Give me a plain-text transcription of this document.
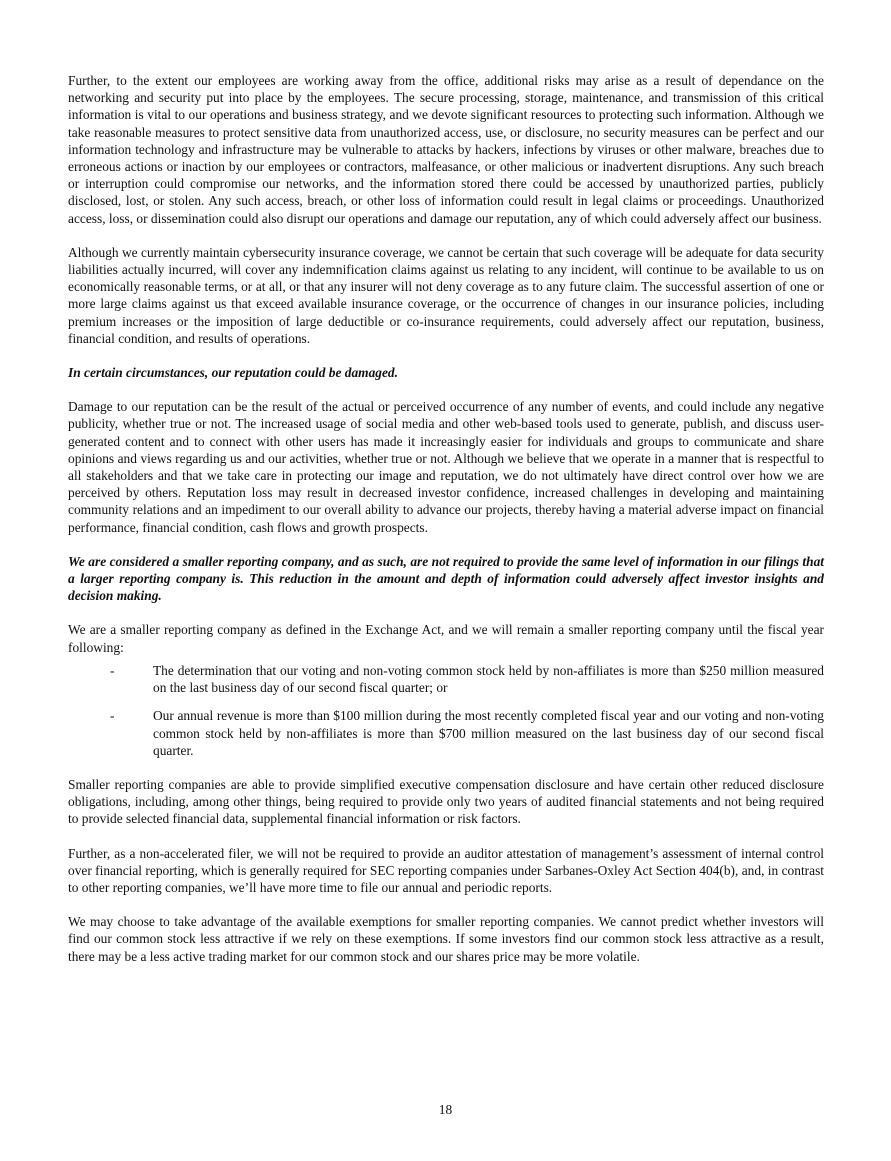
Further, to the extent our employees are working away from the office, additional risks may arise as a result of dependance on the networking and security put into place by the employees. The secure processing, storage, maintenance, and transmission of this critical information is vital to our operations and business strategy, and we devote significant resources to protecting such information. Although we take reasonable measures to protect sensitive data from unauthorized access, use, or disclosure, no security measures can be perfect and our information technology and infrastructure may be vulnerable to attacks by hackers, infections by viruses or other malware, breaches due to erroneous actions or inaction by our employees or contractors, malfeasance, or other malicious or inadvertent disruptions. Any such breach or interruption could compromise our networks, and the information stored there could be accessed by unauthorized parties, publicly disclosed, lost, or stolen. Any such access, breach, or other loss of information could result in legal claims or proceedings. Unauthorized access, loss, or dissemination could also disrupt our operations and damage our reputation, any of which could adversely affect our business.

Although we currently maintain cybersecurity insurance coverage, we cannot be certain that such coverage will be adequate for data security liabilities actually incurred, will cover any indemnification claims against us relating to any incident, will continue to be available to us on economically reasonable terms, or at all, or that any insurer will not deny coverage as to any future claim. The successful assertion of one or more large claims against us that exceed available insurance coverage, or the occurrence of changes in our insurance policies, including premium increases or the imposition of large deductible or co-insurance requirements, could adversely affect our reputation, business, financial condition, and results of operations.

In certain circumstances, our reputation could be damaged.

Damage to our reputation can be the result of the actual or perceived occurrence of any number of events, and could include any negative publicity, whether true or not. The increased usage of social media and other web-based tools used to generate, publish, and discuss user-generated content and to connect with other users has made it increasingly easier for individuals and groups to communicate and share opinions and views regarding us and our activities, whether true or not. Although we believe that we operate in a manner that is respectful to all stakeholders and that we take care in protecting our image and reputation, we do not ultimately have direct control over how we are perceived by others. Reputation loss may result in decreased investor confidence, increased challenges in developing and maintaining community relations and an impediment to our overall ability to advance our projects, thereby having a material adverse impact on financial performance, financial condition, cash flows and growth prospects.

We are considered a smaller reporting company, and as such, are not required to provide the same level of information in our filings that a larger reporting company is. This reduction in the amount and depth of information could adversely affect investor insights and decision making.

We are a smaller reporting company as defined in the Exchange Act, and we will remain a smaller reporting company until the fiscal year following:

-	The determination that our voting and non-voting common stock held by non-affiliates is more than $250 million measured on the last business day of our second fiscal quarter; or
-	Our annual revenue is more than $100 million during the most recently completed fiscal year and our voting and non-voting common stock held by non-affiliates is more than $700 million measured on the last business day of our second fiscal quarter.

Smaller reporting companies are able to provide simplified executive compensation disclosure and have certain other reduced disclosure obligations, including, among other things, being required to provide only two years of audited financial statements and not being required to provide selected financial data, supplemental financial information or risk factors.

Further, as a non-accelerated filer, we will not be required to provide an auditor attestation of management’s assessment of internal control over financial reporting, which is generally required for SEC reporting companies under Sarbanes-Oxley Act Section 404(b), and, in contrast to other reporting companies, we’ll have more time to file our annual and periodic reports.

We may choose to take advantage of the available exemptions for smaller reporting companies. We cannot predict whether investors will find our common stock less attractive if we rely on these exemptions. If some investors find our common stock less attractive as a result, there may be a less active trading market for our common stock and our shares price may be more volatile.

18
